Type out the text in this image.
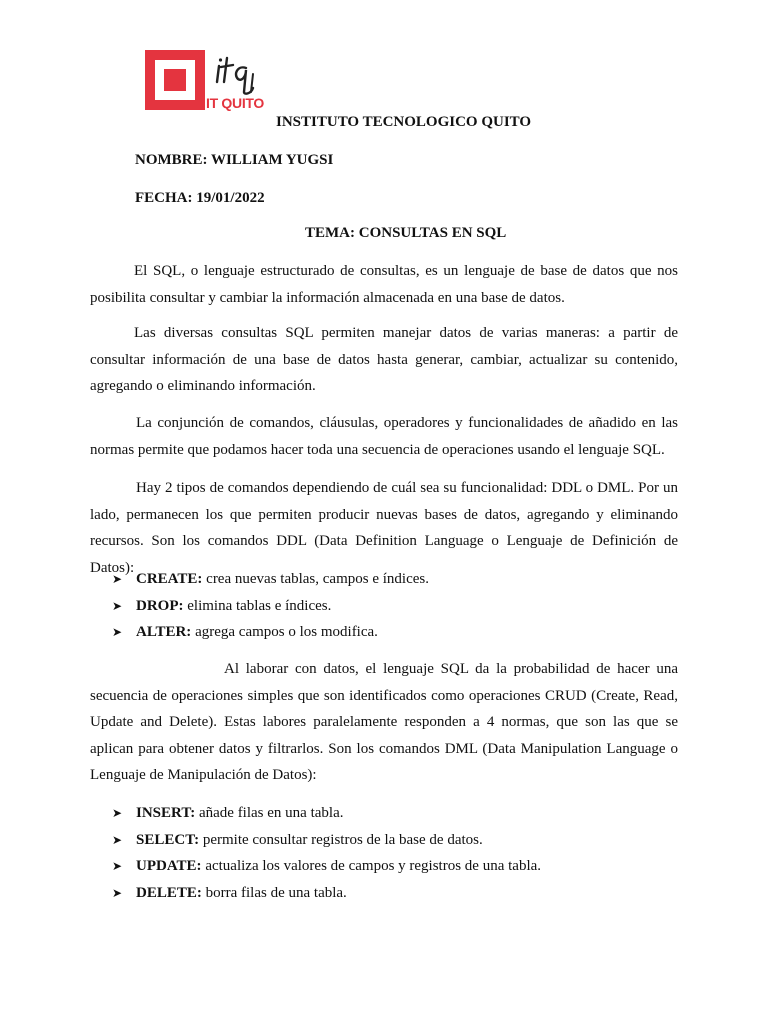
IT QUITO
INSTITUTO TECNOLOGICO QUITO
NOMBRE: WILLIAM YUGSI
FECHA: 19/01/2022
TEMA: CONSULTAS EN SQL
El SQL, o lenguaje estructurado de consultas, es un lenguaje de base de datos que nos posibilita consultar y cambiar la información almacenada en una base de datos.
Las diversas consultas SQL permiten manejar datos de varias maneras: a partir de consultar información de una base de datos hasta generar, cambiar, actualizar su contenido, agregando o eliminando información.
La conjunción de comandos, cláusulas, operadores y funcionalidades de añadido en las normas permite que podamos hacer toda una secuencia de operaciones usando el lenguaje SQL.
Hay 2 tipos de comandos dependiendo de cuál sea su funcionalidad: DDL o DML. Por un lado, permanecen los que permiten producir nuevas bases de datos, agregando y eliminando recursos. Son los comandos DDL (Data Definition Language o Lenguaje de Definición de Datos):
➤ CREATE: crea nuevas tablas, campos e índices.
➤ DROP: elimina tablas e índices.
➤ ALTER: agrega campos o los modifica.
Al laborar con datos, el lenguaje SQL da la probabilidad de hacer una secuencia de operaciones simples que son identificados como operaciones CRUD (Create, Read, Update and Delete). Estas labores paralelamente responden a 4 normas, que son las que se aplican para obtener datos y filtrarlos. Son los comandos DML (Data Manipulation Language o Lenguaje de Manipulación de Datos):
➤ INSERT: añade filas en una tabla.
➤ SELECT: permite consultar registros de la base de datos.
➤ UPDATE: actualiza los valores de campos y registros de una tabla.
➤ DELETE: borra filas de una tabla.
